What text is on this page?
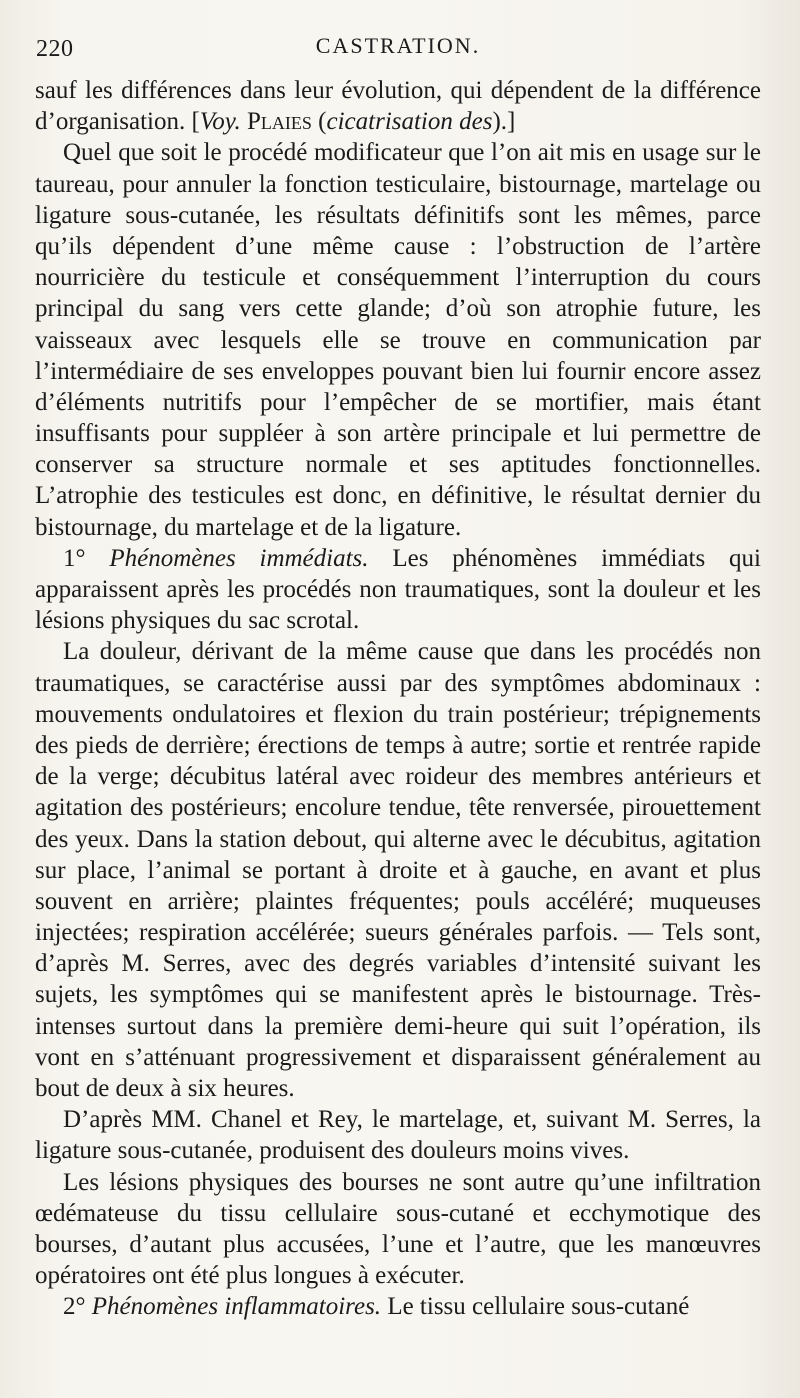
220	CASTRATION.

sauf les différences dans leur évolution, qui dépendent de la différence d’organisation. [Voy. Plaies (cicatrisation des).]

Quel que soit le procédé modificateur que l’on ait mis en usage sur le taureau, pour annuler la fonction testiculaire, bistournage, martelage ou ligature sous-cutanée, les résultats définitifs sont les mêmes, parce qu’ils dépendent d’une même cause : l’obstruction de l’artère nourricière du testicule et conséquemment l’interruption du cours principal du sang vers cette glande; d’où son atrophie future, les vaisseaux avec lesquels elle se trouve en communication par l’intermédiaire de ses enveloppes pouvant bien lui fournir encore assez d’éléments nutritifs pour l’empêcher de se mortifier, mais étant insuffisants pour suppléer à son artère principale et lui permettre de conserver sa structure normale et ses aptitudes fonctionnelles. L’atrophie des testicules est donc, en définitive, le résultat dernier du bistournage, du martelage et de la ligature.

1° Phénomènes immédiats. Les phénomènes immédiats qui apparaissent après les procédés non traumatiques, sont la douleur et les lésions physiques du sac scrotal.

La douleur, dérivant de la même cause que dans les procédés non traumatiques, se caractérise aussi par des symptômes abdominaux : mouvements ondulatoires et flexion du train postérieur; trépignements des pieds de derrière; érections de temps à autre; sortie et rentrée rapide de la verge; décubitus latéral avec roideur des membres antérieurs et agitation des postérieurs; encolure tendue, tête renversée, pirouettement des yeux. Dans la station debout, qui alterne avec le décubitus, agitation sur place, l’animal se portant à droite et à gauche, en avant et plus souvent en arrière; plaintes fréquentes; pouls accéléré; muqueuses injectées; respiration accélérée; sueurs générales parfois. — Tels sont, d’après M. Serres, avec des degrés variables d’intensité suivant les sujets, les symptômes qui se manifestent après le bistournage. Très-intenses surtout dans la première demi-heure qui suit l’opération, ils vont en s’atténuant progressivement et disparaissent généralement au bout de deux à six heures.

D’après MM. Chanel et Rey, le martelage, et, suivant M. Serres, la ligature sous-cutanée, produisent des douleurs moins vives.

Les lésions physiques des bourses ne sont autre qu’une infiltration œdémateuse du tissu cellulaire sous-cutané et ecchymotique des bourses, d’autant plus accusées, l’une et l’autre, que les manœuvres opératoires ont été plus longues à exécuter.

2° Phénomènes inflammatoires. Le tissu cellulaire sous-cutané
